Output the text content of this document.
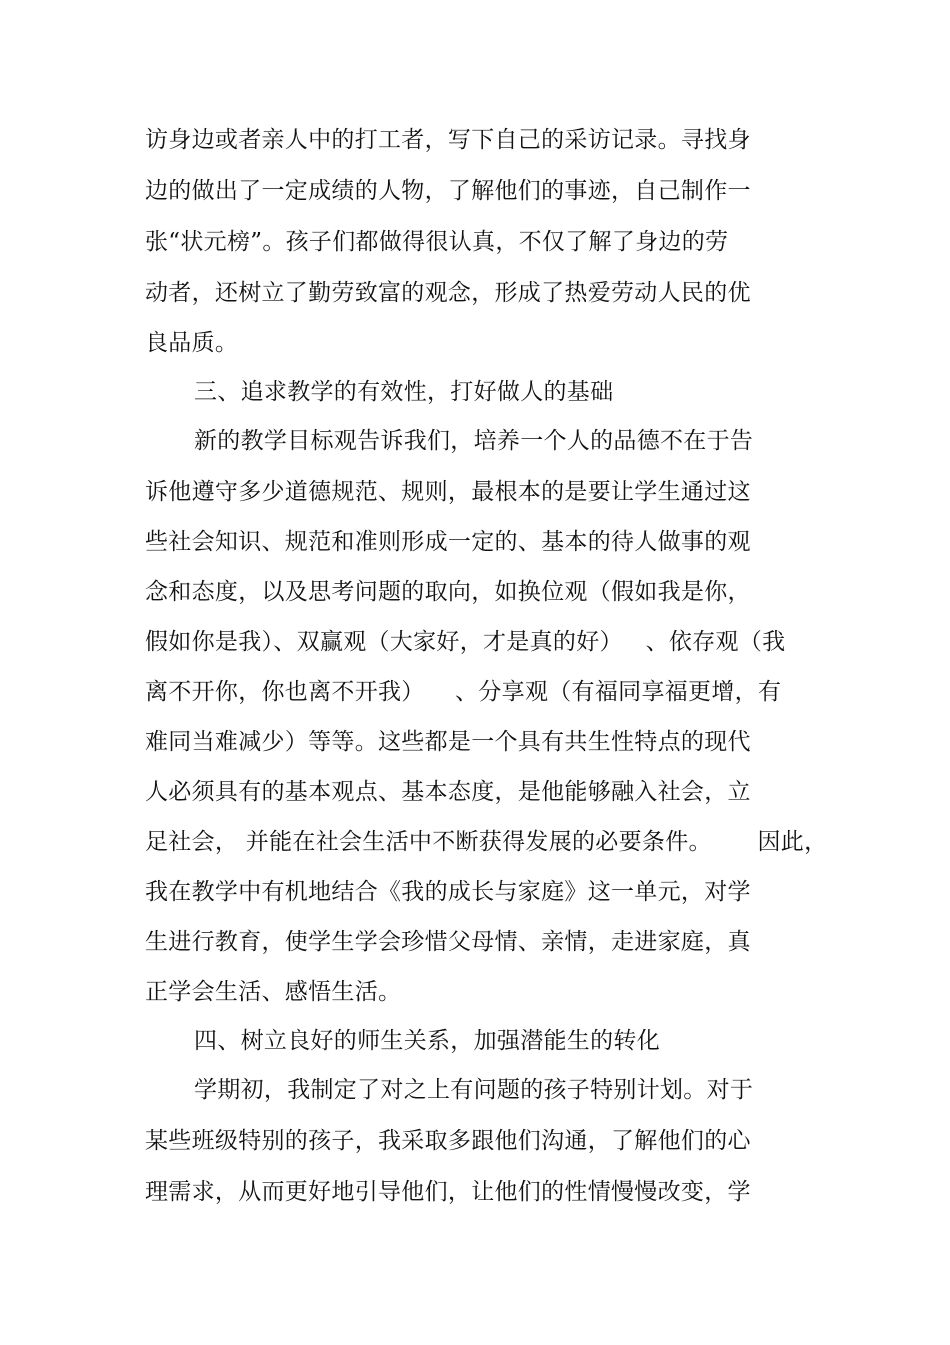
访身边或者亲人中的打工者，写下自己的采访记录。寻找身
边的做出了一定成绩的人物，了解他们的事迹，自己制作一
张“状元榜”。孩子们都做得很认真，不仅了解了身边的劳
动者，还树立了勤劳致富的观念，形成了热爱劳动人民的优
良品质。
三、追求教学的有效性，打好做人的基础
新的教学目标观告诉我们，培养一个人的品德不在于告
诉他遵守多少道德规范、规则，最根本的是要让学生通过这
些社会知识、规范和准则形成一定的、基本的待人做事的观
念和态度，以及思考问题的取向，如换位观（假如我是你，
假如你是我）、双赢观（大家好，才是真的好）   、依存观（我
离不开你，你也离不开我）    、分享观（有福同享福更增，有
难同当难减少）等等。这些都是一个具有共生性特点的现代
人必须具有的基本观点、基本态度，是他能够融入社会，立
足社会， 并能在社会生活中不断获得发展的必要条件。      因此，
我在教学中有机地结合《我的成长与家庭》这一单元，对学
生进行教育，使学生学会珍惜父母情、亲情，走进家庭，真
正学会生活、感悟生活。
四、树立良好的师生关系，加强潜能生的转化
学期初，我制定了对之上有问题的孩子特别计划。对于
某些班级特别的孩子，我采取多跟他们沟通，了解他们的心
理需求，从而更好地引导他们，让他们的性情慢慢改变，学
